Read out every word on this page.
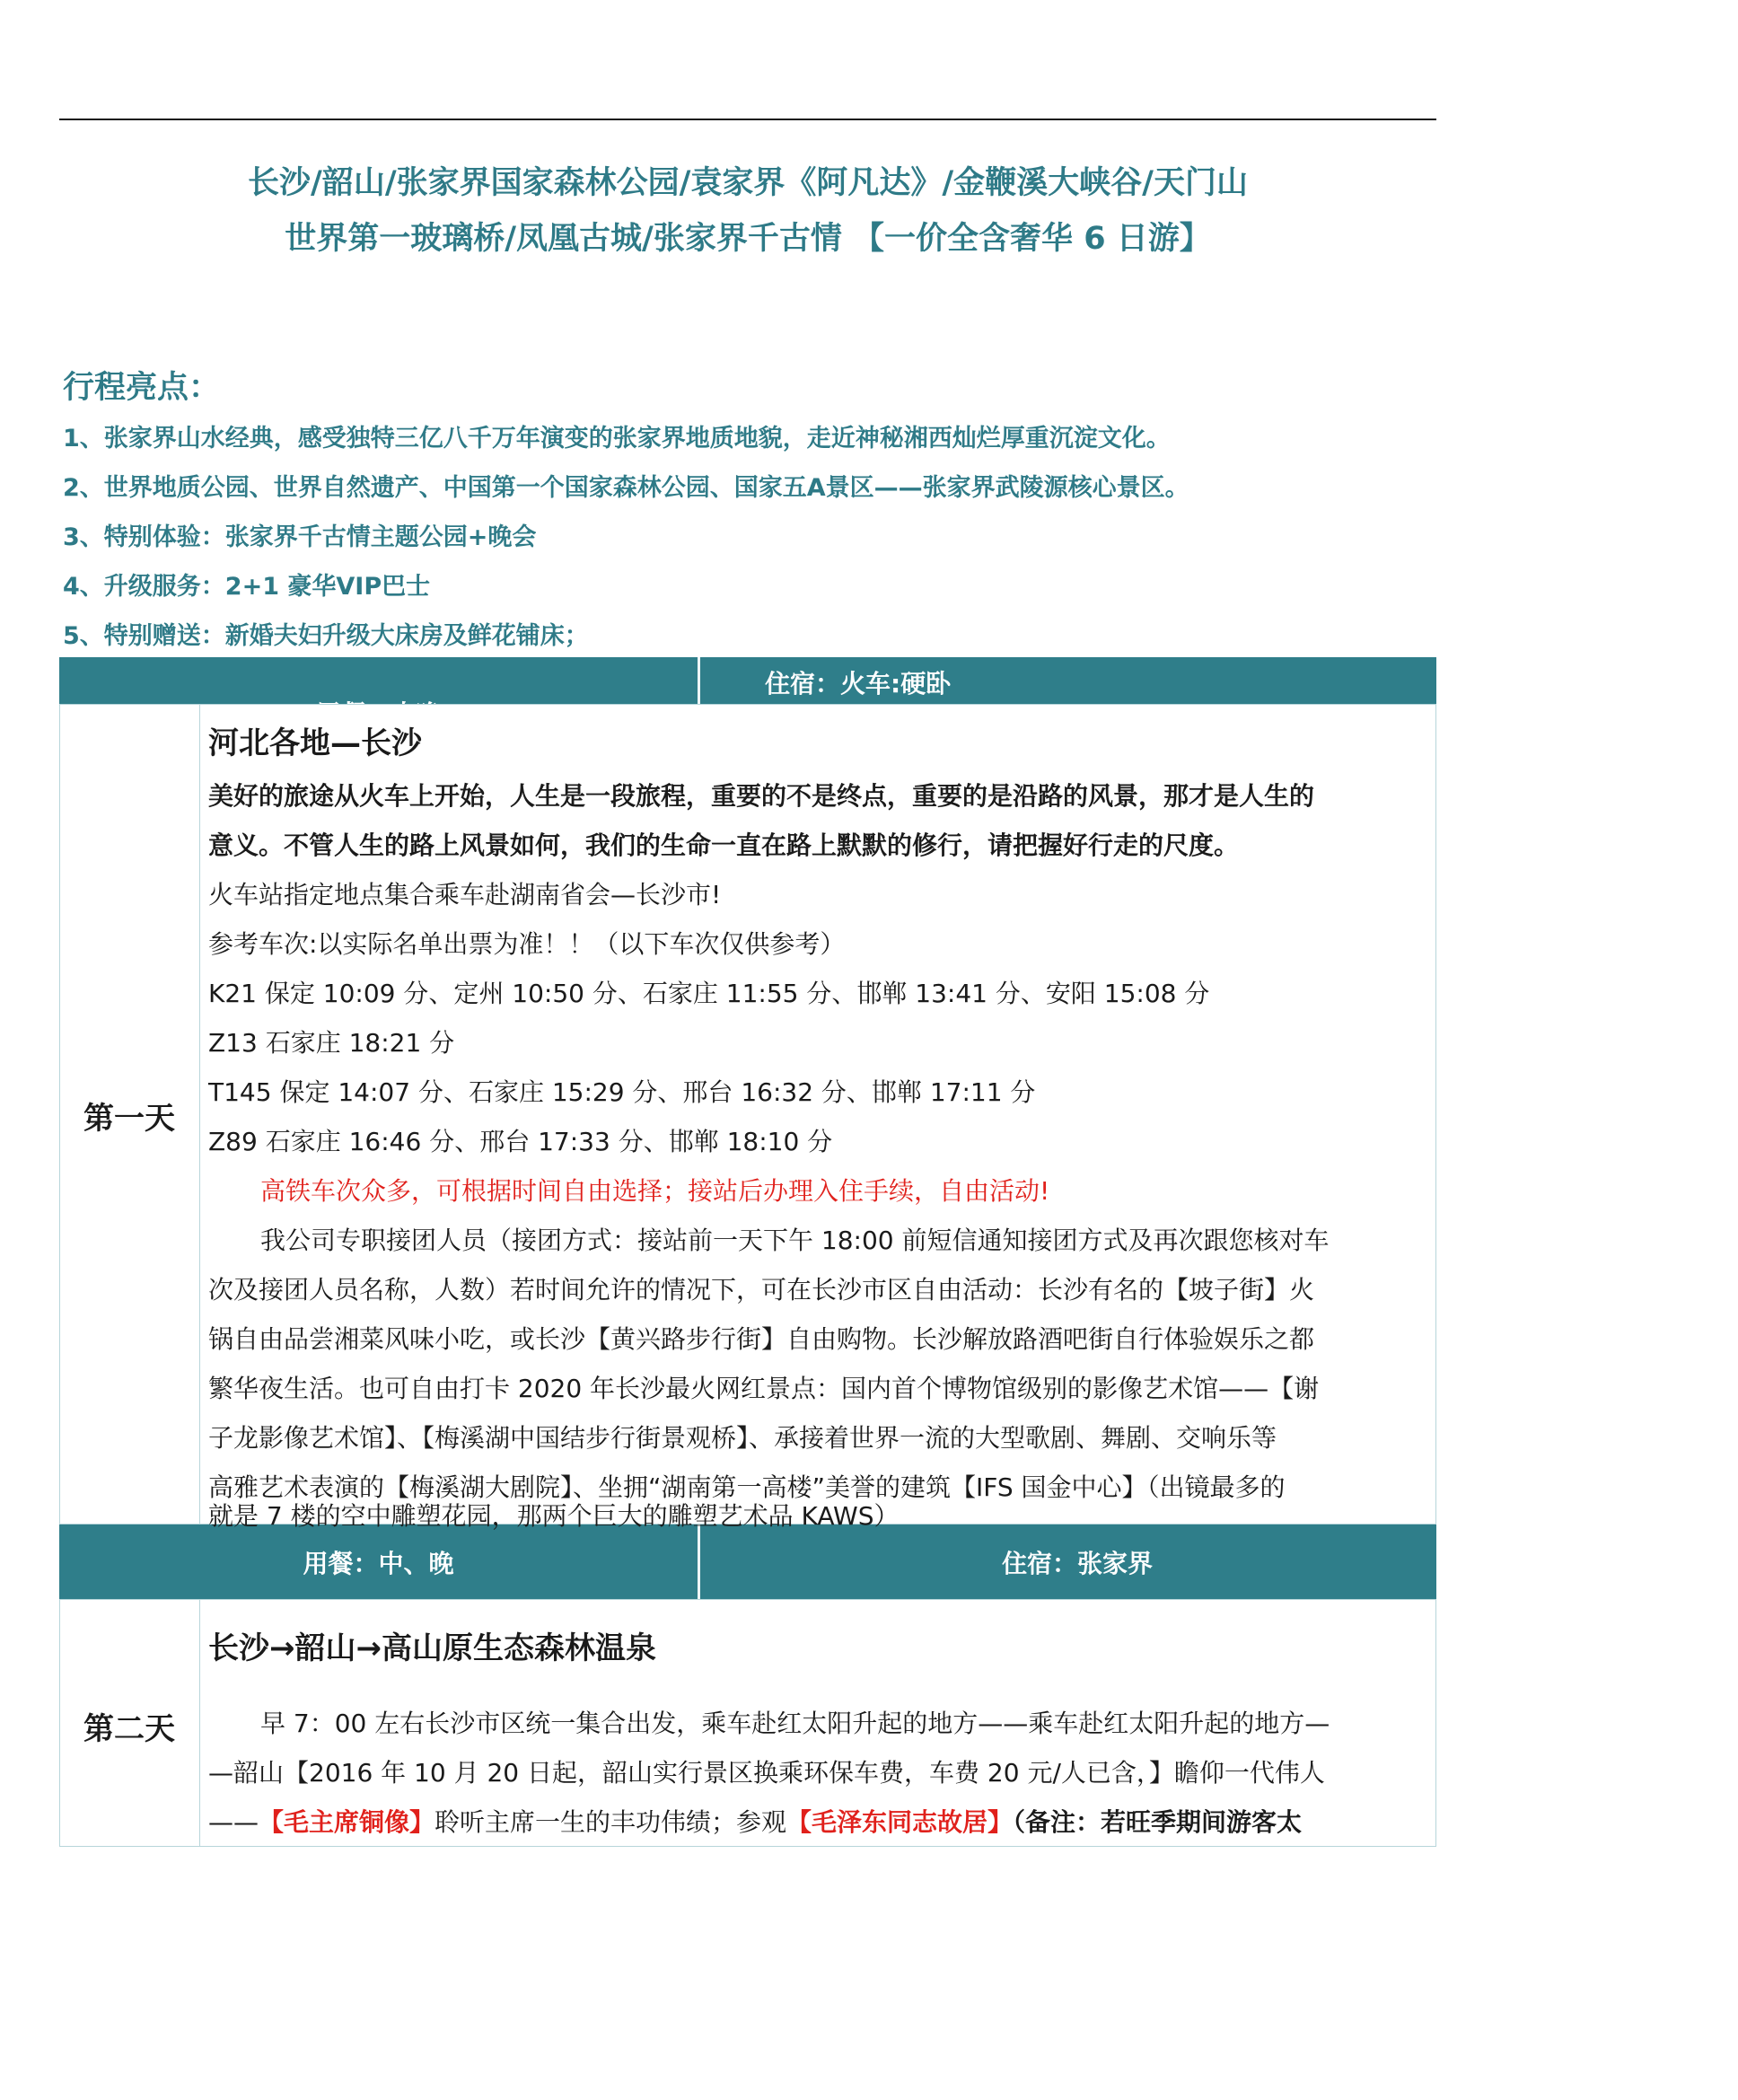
长沙/韶山/张家界国家森林公园/袁家界《阿凡达》/金鞭溪大峡谷/天门山
世界第一玻璃桥/凤凰古城/张家界千古情 【一价全含奢华 6 日游】
行程亮点：
1、张家界山水经典，感受独特三亿八千万年演变的张家界地质地貌，走近神秘湘西灿烂厚重沉淀文化。
2、世界地质公园、世界自然遗产、中国第一个国家森林公园、国家五A景区——张家界武陵源核心景区。
3、特别体验：张家界千古情主题公园+晚会
4、升级服务：2+1 豪华VIP巴士
5、特别赠送：新婚夫妇升级大床房及鲜花铺床；
用餐：中晚
住宿：火车:硬卧
第一天
河北各地—长沙
美好的旅途从火车上开始，人生是一段旅程，重要的不是终点，重要的是沿路的风景，那才是人生的
意义。不管人生的路上风景如何，我们的生命一直在路上默默的修行，请把握好行走的尺度。
火车站指定地点集合乘车赴湖南省会—长沙市!
参考车次:以实际名单出票为准！！（以下车次仅供参考）
K21 保定 10:09 分、定州 10:50 分、石家庄 11:55 分、邯郸 13:41 分、安阳 15:08 分
Z13 石家庄 18:21 分
T145 保定 14:07 分、石家庄 15:29 分、邢台 16:32 分、邯郸 17:11 分
Z89 石家庄 16:46 分、邢台 17:33 分、邯郸 18:10 分
高铁车次众多，可根据时间自由选择；接站后办理入住手续，自由活动!
我公司专职接团人员（接团方式：接站前一天下午 18:00 前短信通知接团方式及再次跟您核对车
次及接团人员名称，人数）若时间允许的情况下，可在长沙市区自由活动：长沙有名的【坡子街】火
锅自由品尝湘菜风味小吃，或长沙【黄兴路步行街】自由购物。长沙解放路酒吧街自行体验娱乐之都
繁华夜生活。也可自由打卡 2020 年长沙最火网红景点：国内首个博物馆级别的影像艺术馆——【谢
子龙影像艺术馆】、【梅溪湖中国结步行街景观桥】、承接着世界一流的大型歌剧、舞剧、交响乐等
高雅艺术表演的【梅溪湖大剧院】、坐拥“湖南第一高楼”美誉的建筑【IFS 国金中心】（出镜最多的
用餐：中、晚	住宿：张家界
第二天
长沙→韶山→高山原生态森林温泉
早 7：00 左右长沙市区统一集合出发，乘车赴红太阳升起的地方——乘车赴红太阳升起的地方—
—韶山【2016 年 10 月 20 日起，韶山实行景区换乘环保车费，车费 20 元/人已含，】瞻仰一代伟人
——【毛主席铜像】聆听主席一生的丰功伟绩；参观【毛泽东同志故居】（备注：若旺季期间游客太
就是 7 楼的空中雕塑花园，那两个巨大的雕塑艺术品 KAWS）
